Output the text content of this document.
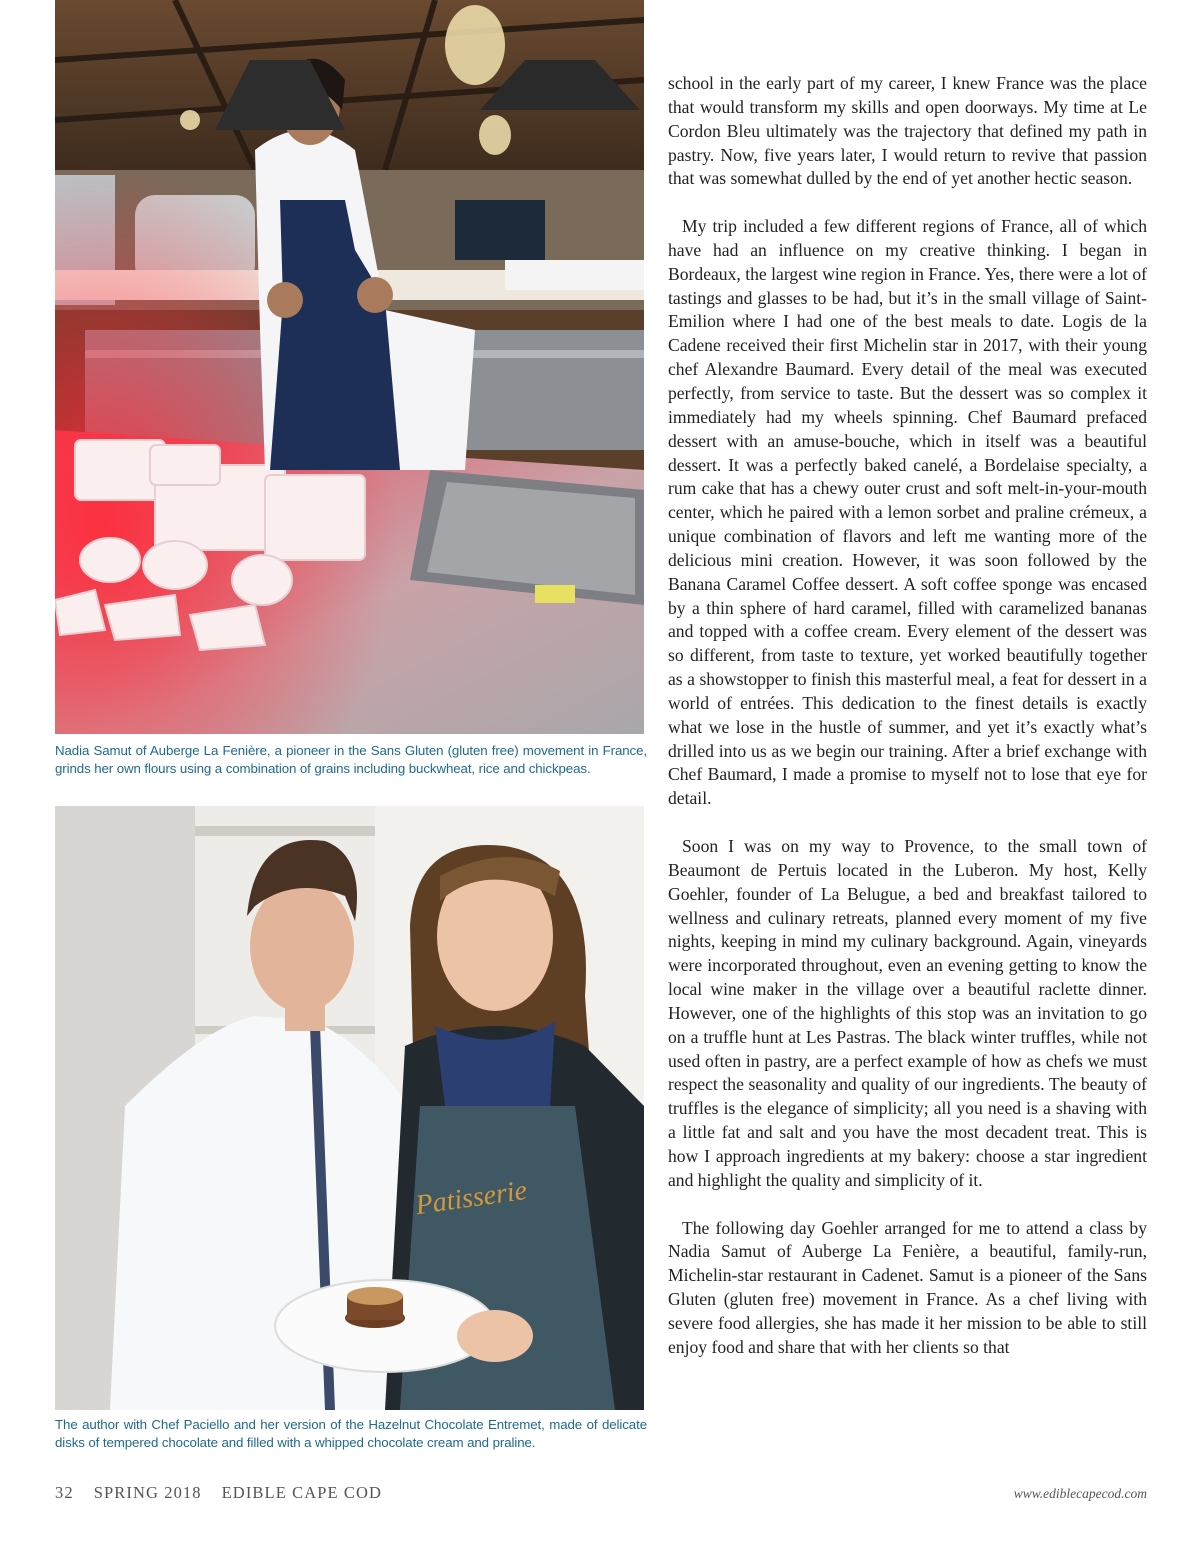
Nadia Samut of Auberge La Fenière, a pioneer in the Sans Gluten (gluten free) movement in France, grinds her own flours using a combination of grains including buckwheat, rice and chickpeas.
Patisserie
The author with Chef Paciello and her version of the Hazelnut Chocolate Entremet, made of delicate disks of tempered chocolate and filled with a whipped chocolate cream and praline.

school in the early part of my career, I knew France was the place that would transform my skills and open doorways. My time at Le Cordon Bleu ultimately was the trajectory that defined my path in pastry. Now, five years later, I would return to revive that passion that was somewhat dulled by the end of yet another hectic season.

My trip included a few different regions of France, all of which have had an influence on my creative thinking. I began in Bordeaux, the largest wine region in France. Yes, there were a lot of tastings and glasses to be had, but it’s in the small village of Saint-Emilion where I had one of the best meals to date. Logis de la Cadene received their first Michelin star in 2017, with their young chef Alexandre Baumard. Every detail of the meal was executed perfectly, from service to taste. But the dessert was so complex it immediately had my wheels spinning. Chef Baumard prefaced dessert with an amuse-bouche, which in itself was a beautiful dessert. It was a perfectly baked canelé, a Bordelaise specialty, a rum cake that has a chewy outer crust and soft melt-in-your-mouth center, which he paired with a lemon sorbet and praline crémeux, a unique combination of flavors and left me wanting more of the delicious mini creation. However, it was soon followed by the Banana Caramel Coffee dessert. A soft coffee sponge was encased by a thin sphere of hard caramel, filled with caramelized bananas and topped with a coffee cream. Every element of the dessert was so different, from taste to texture, yet worked beautifully together as a showstopper to finish this masterful meal, a feat for dessert in a world of entrées. This dedication to the finest details is exactly what we lose in the hustle of summer, and yet it’s exactly what’s drilled into us as we begin our training. After a brief exchange with Chef Baumard, I made a promise to myself not to lose that eye for detail.

Soon I was on my way to Provence, to the small town of Beaumont de Pertuis located in the Luberon. My host, Kelly Goehler, founder of La Belugue, a bed and breakfast tailored to wellness and culinary retreats, planned every moment of my five nights, keeping in mind my culinary background. Again, vineyards were incorporated throughout, even an evening getting to know the local wine maker in the village over a beautiful raclette dinner. However, one of the highlights of this stop was an invitation to go on a truffle hunt at Les Pastras. The black winter truffles, while not used often in pastry, are a perfect example of how as chefs we must respect the seasonality and quality of our ingredients. The beauty of truffles is the elegance of simplicity; all you need is a shaving with a little fat and salt and you have the most decadent treat. This is how I approach ingredients at my bakery: choose a star ingredient and highlight the quality and simplicity of it.

The following day Goehler arranged for me to attend a class by Nadia Samut of Auberge La Fenière, a beautiful, family-run, Michelin-star restaurant in Cadenet. Samut is a pioneer of the Sans Gluten (gluten free) movement in France. As a chef living with severe food allergies, she has made it her mission to be able to still enjoy food and share that with her clients so that

32 SPRING 2018 EDIBLE CAPE COD	www.ediblecapecod.com
